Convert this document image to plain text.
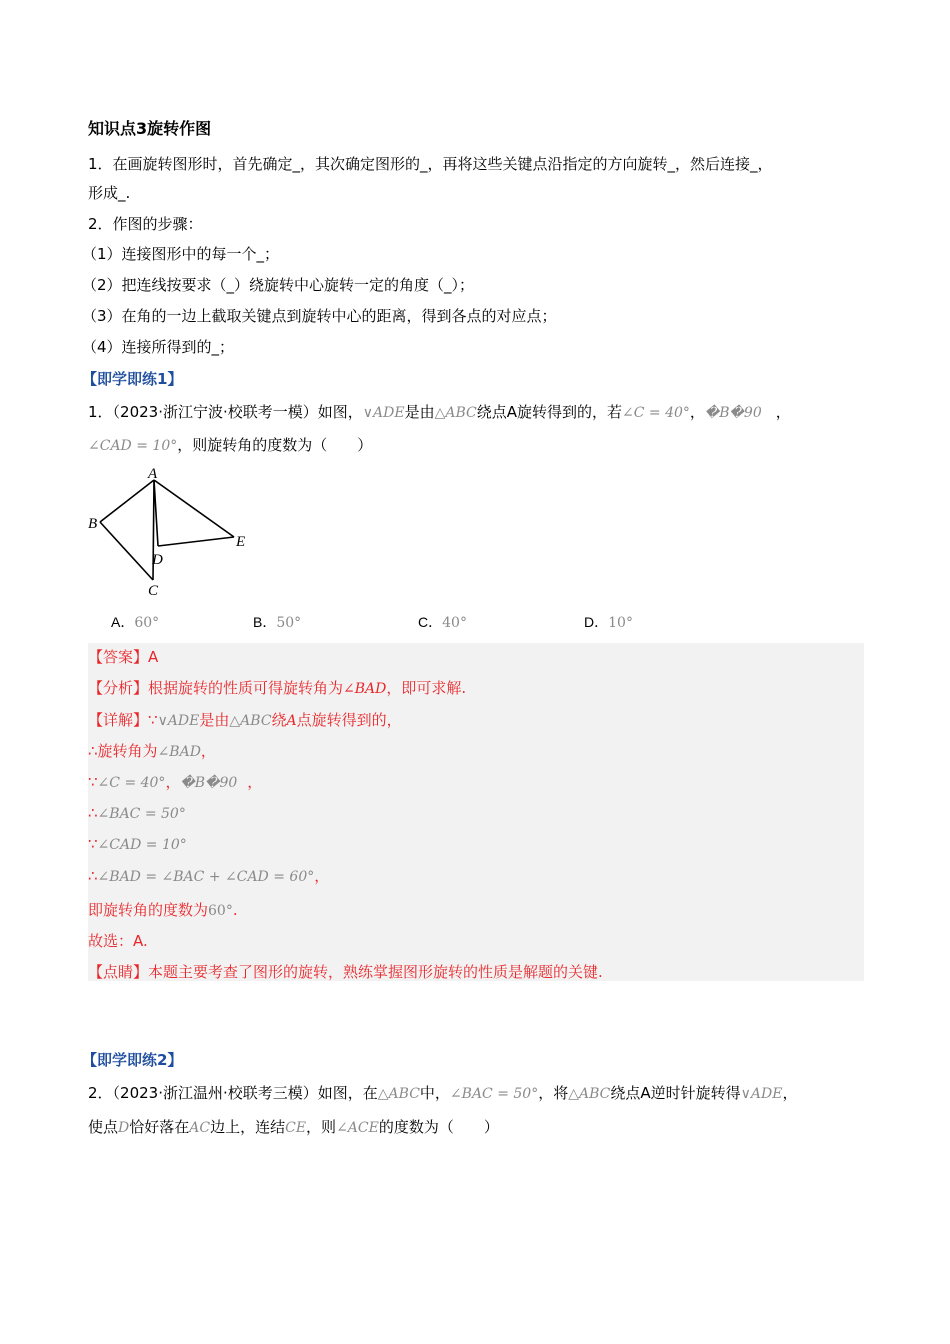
知识点3旋转作图
1．在画旋转图形时，首先确定_，其次确定图形的_，再将这些关键点沿指定的方向旋转_，然后连接_，
形成_.
2．作图的步骤：
（1）连接图形中的每一个_；
（2）把连线按要求（_）绕旋转中心旋转一定的角度（_）；
（3）在角的一边上截取关键点到旋转中心的距离，得到各点的对应点；
（4）连接所得到的_；
【即学即练1】
1．（2023·浙江宁波·校联考一模）如图，∨ADE是由△ABC绕点A旋转得到的，若∠C = 40°，�B�90 ，
∠CAD = 10°，则旋转角的度数为（　　）
A
B
C
D
E
A．60°	B．50°	C．40°	D．10°
【答案】A
【分析】根据旋转的性质可得旋转角为∠BAD，即可求解.
【详解】∵∨ADE是由△ABC绕A点旋转得到的，
∴旋转角为∠BAD，
∵∠C = 40°，�B�90 ，
∴∠BAC = 50°
∵∠CAD = 10°
∴∠BAD = ∠BAC + ∠CAD = 60°，
即旋转角的度数为60°.
故选：A.
【点睛】本题主要考查了图形的旋转，熟练掌握图形旋转的性质是解题的关键.
【即学即练2】
2．（2023·浙江温州·校联考三模）如图，在△ABC中，∠BAC = 50°，将△ABC绕点A逆时针旋转得∨ADE，
使点D恰好落在AC边上，连结CE，则∠ACE的度数为（　　）
